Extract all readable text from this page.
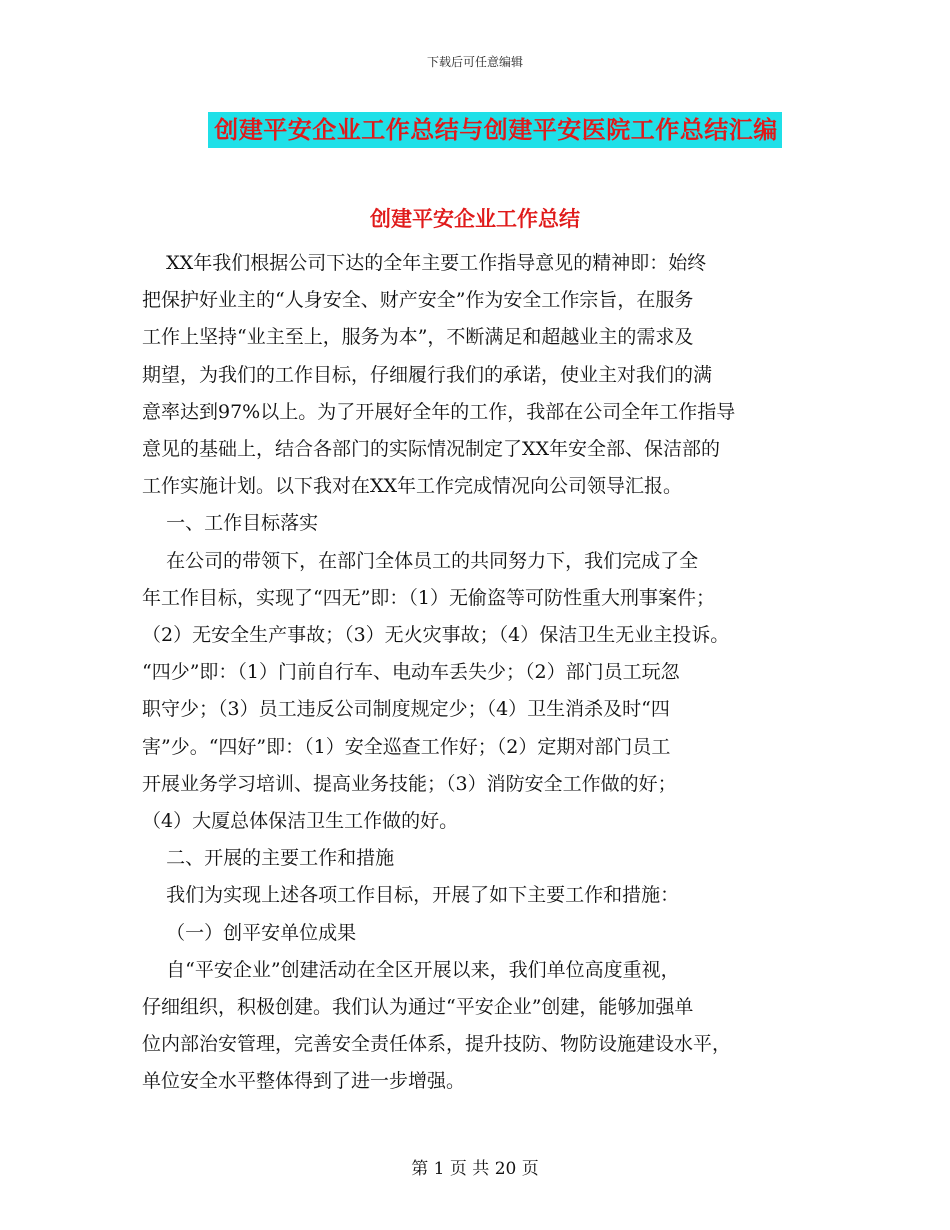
下载后可任意编辑
创建平安企业工作总结与创建平安医院工作总结汇编
创建平安企业工作总结

XX年我们根据公司下达的全年主要工作指导意见的精神即：始终

把保护好业主的“人身安全、财产安全”作为安全工作宗旨，在服务

工作上坚持“业主至上，服务为本”，不断满足和超越业主的需求及

期望，为我们的工作目标，仔细履行我们的承诺，使业主对我们的满

意率达到97%以上。为了开展好全年的工作，我部在公司全年工作指导

意见的基础上，结合各部门的实际情况制定了XX年安全部、保洁部的

工作实施计划。以下我对在XX年工作完成情况向公司领导汇报。

一、工作目标落实

在公司的带领下，在部门全体员工的共同努力下，我们完成了全

年工作目标，实现了“四无”即：（1）无偷盗等可防性重大刑事案件；

（2）无安全生产事故；（3）无火灾事故；（4）保洁卫生无业主投诉。

“四少”即：（1）门前自行车、电动车丢失少；（2）部门员工玩忽

职守少；（3）员工违反公司制度规定少；（4）卫生消杀及时“四

害”少。“四好”即：（1）安全巡查工作好；（2）定期对部门员工

开展业务学习培训、提高业务技能；（3）消防安全工作做的好；

（4）大厦总体保洁卫生工作做的好。

二、开展的主要工作和措施

我们为实现上述各项工作目标，开展了如下主要工作和措施：

（一）创平安单位成果

自“平安企业”创建活动在全区开展以来，我们单位高度重视，

仔细组织，积极创建。我们认为通过“平安企业”创建，能够加强单

位内部治安管理，完善安全责任体系，提升技防、物防设施建设水平，

单位安全水平整体得到了进一步增强。

第 1 页 共 20 页
